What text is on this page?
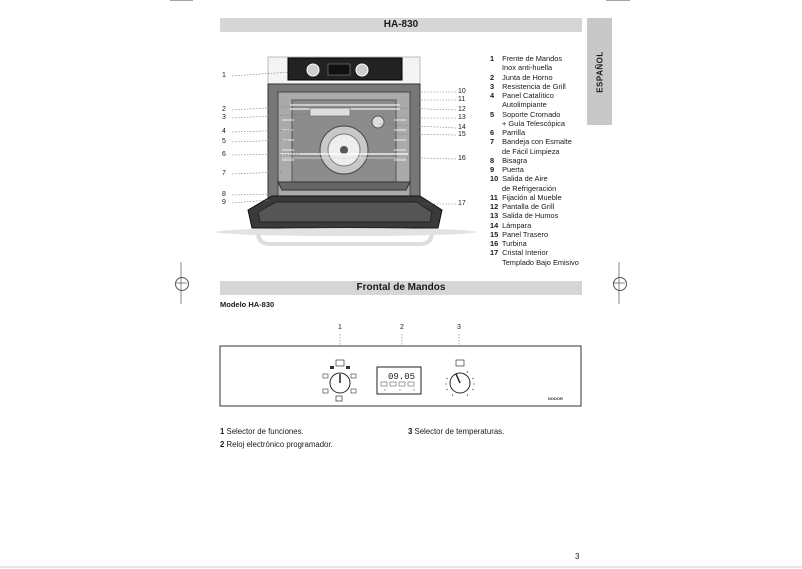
HA-830
ESPAÑOL
1
2
3
4
5
6
7
8
9
10
11
12
13
14
15
16
17
1 Frente de Mandos
Inox anti-huella
2 Junta de Horno
3 Resistencia de Grill
4 Panel Catalítico
Autolimpiante
5 Soporte Cromado
+ Guía Telescópica
6 Parrilla
7 Bandeja con Esmalte
de Fácil Limpieza
8 Bisagra
9 Puerta
10 Salida de Aire
de Refrigeración
11 Fijación al Mueble
12 Pantalla de Grill
13 Salida de Humos
14 Lámpara
15 Panel Trasero
16 Turbina
17 Cristal Interior
Templado Bajo Emisivo
Frontal de Mandos
Modelo HA-830
1	2	3
09.05
NODOR
1 Selector de funciones.
2 Reloj electrónico programador.
3 Selector de temperaturas.
3
